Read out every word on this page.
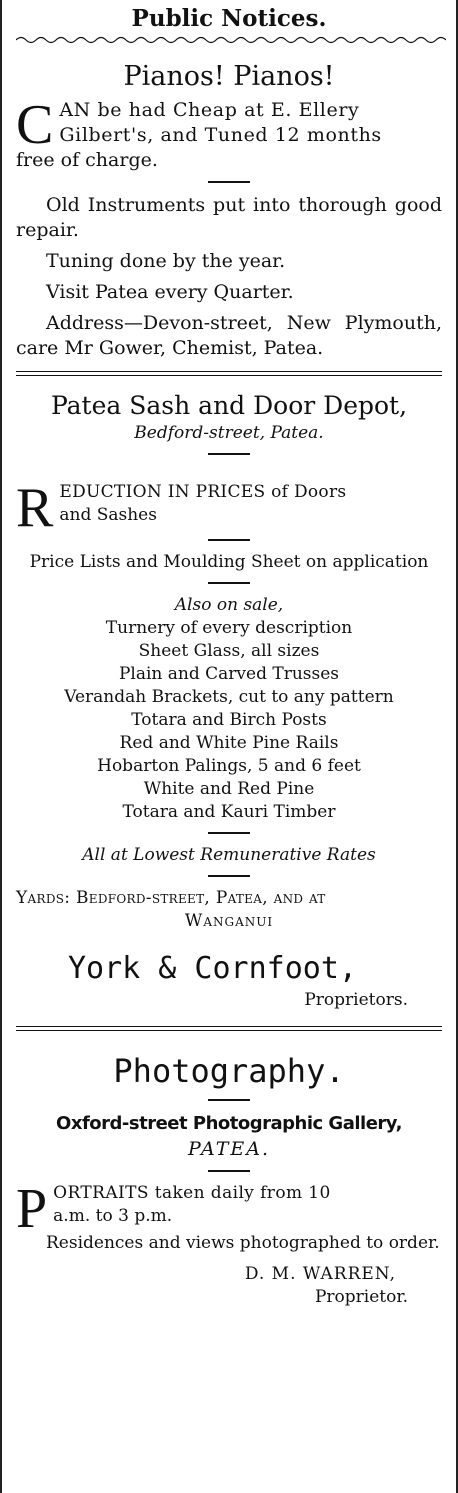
Public Notices.
Pianos! Pianos!
C AN be had Cheap at E. Ellery
Gilbert's, and Tuned 12 months
free of charge.

Old Instruments put into thorough good repair.

Tuning done by the year.

Visit Patea every Quarter.

Address—Devon-street, New Plymouth, care Mr Gower, Chemist, Patea.

Patea Sash and Door Depot,
Bedford-street, Patea.
R EDUCTION IN PRICES of Doors
and Sashes

Price Lists and Moulding Sheet on application

Also on sale,
Turnery of every description
Sheet Glass, all sizes
Plain and Carved Trusses
Verandah Brackets, cut to any pattern
Totara and Birch Posts
Red and White Pine Rails
Hobarton Palings, 5 and 6 feet
White and Red Pine
Totara and Kauri Timber
All at Lowest Remunerative Rates
Yards: Bedford-street, Patea, and at
Wanganui
York & Cornfoot,
Proprietors.
Photography.
Oxford-street Photographic Gallery,
PATEA.
P ORTRAITS taken daily from 10
a.m. to 3 p.m.

Residences and views photographed to order.

D. M. WARREN,
Proprietor.
